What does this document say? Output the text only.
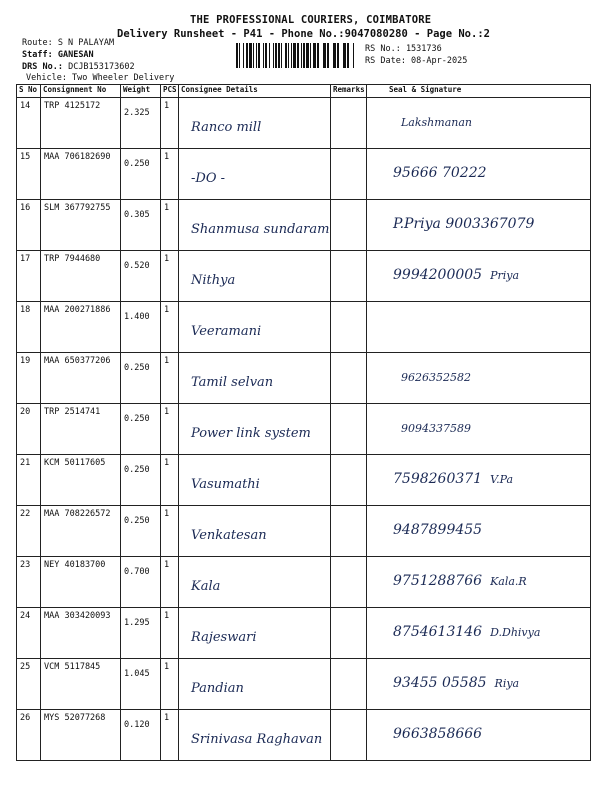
THE PROFESSIONAL COURIERS, COIMBATORE
Delivery Runsheet - P41 - Phone No.:9047080280 - Page No.:2
Route: S N PALAYAM
Staff: GANESAN
DRS No.: DCJB153173602
Vehicle: Two Wheeler Delivery
RS No.: 1531736
RS Date: 08-Apr-2025
S No	Consignment No	Weight	PCS	Consignee Details	Remarks	Seal & Signature
14	TRP 4125172	2.325	1	Ranco mill		Lakshmanan

15	MAA 706182690	0.250	1	-DO -		95666 70222

16	SLM 367792755	0.305	1	Shanmusa sundaram		P.Priya 9003367079

17	TRP 7944680	0.520	1	Nithya		9994200005 Priya

18	MAA 200271886	1.400	1	Veeramani		

19	MAA 650377206	0.250	1	Tamil selvan		9626352582

20	TRP 2514741	0.250	1	Power link system		9094337589

21	KCM 50117605	0.250	1	Vasumathi		7598260371 V.Pa

22	MAA 708226572	0.250	1	Venkatesan		9487899455

23	NEY 40183700	0.700	1	Kala		9751288766 Kala.R

24	MAA 303420093	1.295	1	Rajeswari		8754613146 D.Dhivya

25	VCM 5117845	1.045	1	Pandian		93455 05585 Riya

26	MYS 52077268	0.120	1	Srinivasa Raghavan		9663858666
